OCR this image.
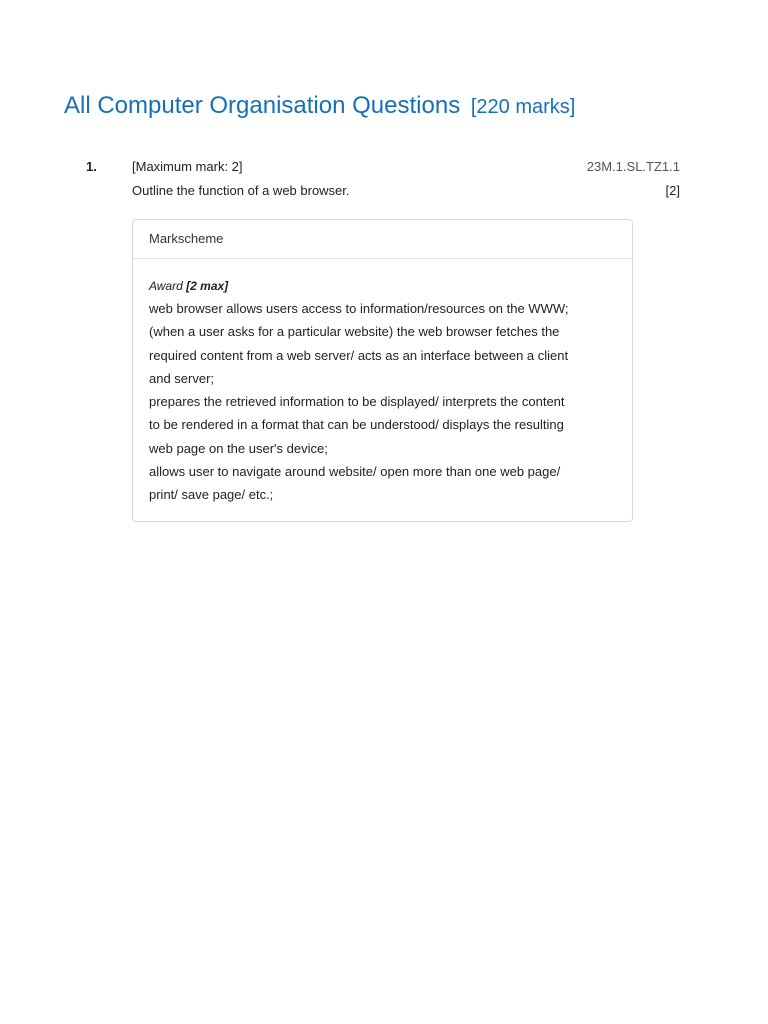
All Computer Organisation Questions [220 marks]
1.	[Maximum mark: 2]	23M.1.SL.TZ1.1
Outline the function of a web browser.	[2]
Markscheme
Award [2 max]
web browser allows users access to information/resources on the WWW;
(when a user asks for a particular website) the web browser fetches the
required content from a web server/ acts as an interface between a client
and server;
prepares the retrieved information to be displayed/ interprets the content
to be rendered in a format that can be understood/ displays the resulting
web page on the user's device;
allows user to navigate around website/ open more than one web page/
print/ save page/ etc.;
